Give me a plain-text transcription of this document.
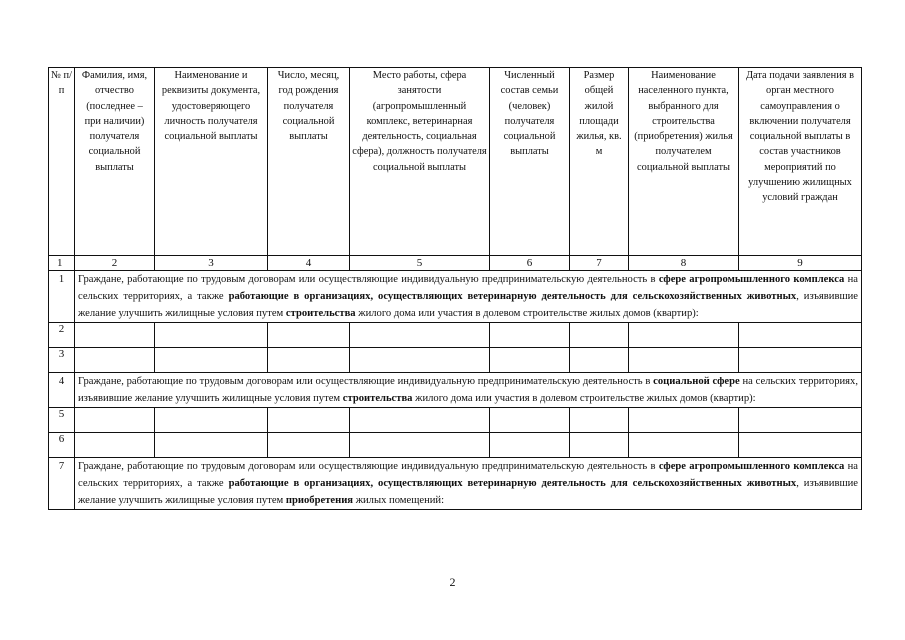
№ п/п	Фамилия, имя, отчество (последнее – при наличии) получателя социальной выплаты	Наименование и реквизиты документа, удостоверяющего личность получателя социальной выплаты	Число, месяц, год рождения получателя социальной выплаты	Место работы, сфера занятости (агропромышленный комплекс, ветеринарная деятельность, социальная сфера), должность получателя социальной выплаты	Численный состав семьи (человек) получателя социальной выплаты	Размер общей жилой площади жилья, кв. м	Наименование населенного пункта, выбранного для строительства (приобретения) жилья получателем социальной выплаты	Дата подачи заявления в орган местного самоуправления о включении получателя социальной выплаты в состав участников мероприятий по улучшению жилищных условий граждан
1	2	3	4	5	6	7	8	9
1	Граждане, работающие по трудовым договорам или осуществляющие индивидуальную предпринимательскую деятельность в сфере агропромышленного комплекса на сельских территориях, а также работающие в организациях, осуществляющих ветеринарную деятельность для сельскохозяйственных животных, изъявившие желание улучшить жилищные условия путем строительства жилого дома или участия в долевом строительстве жилых домов (квартир):							
2								
3								
4	Граждане, работающие по трудовым договорам или осуществляющие индивидуальную предпринимательскую деятельность в социальной сфере на сельских территориях, изъявившие желание улучшить жилищные условия путем строительства жилого дома или участия в долевом строительстве жилых домов (квартир):							
5								
6								
7	Граждане, работающие по трудовым договорам или осуществляющие индивидуальную предпринимательскую деятельность в сфере агропромышленного комплекса на сельских территориях, а также работающие в организациях, осуществляющих ветеринарную деятельность для сельскохозяйственных животных, изъявившие желание улучшить жилищные условия путем приобретения жилых помещений:							
2
